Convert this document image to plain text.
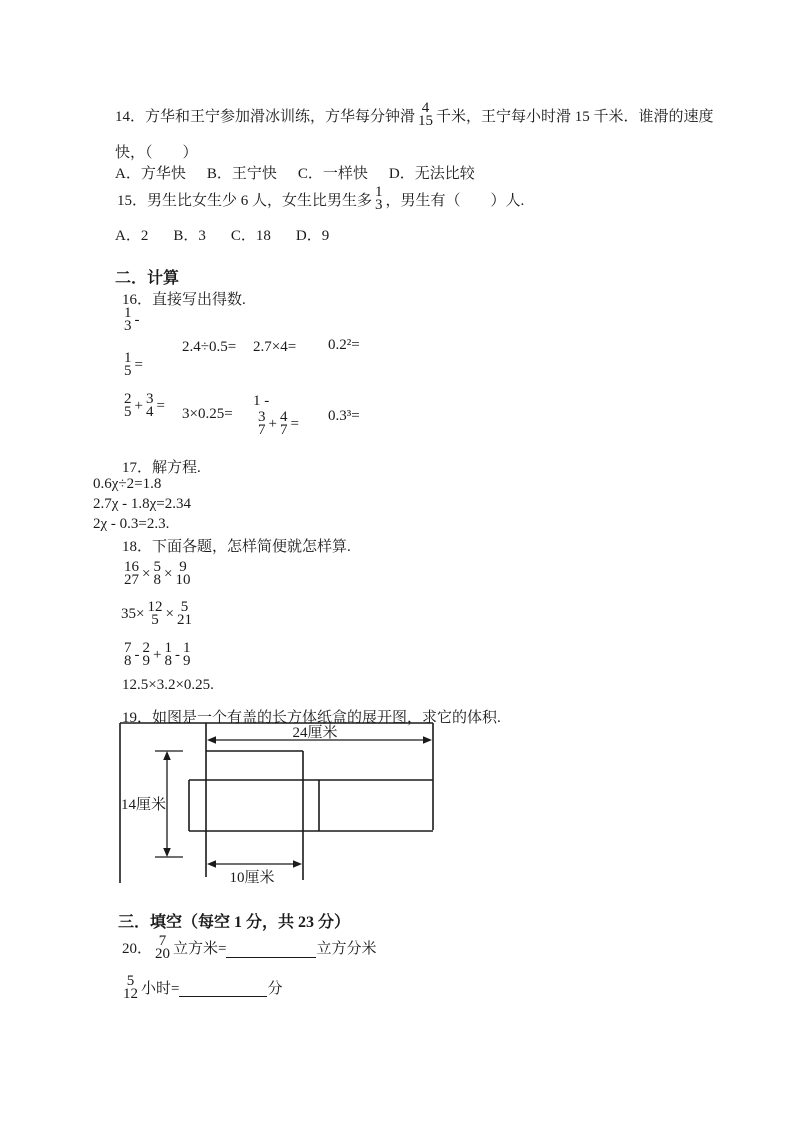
14．方华和王宁参加滑冰训练，方华每分钟滑
4
15 千米，王宁每小时滑 15 千米．谁滑的速度
快，（　　）
A．方华快 B．王宁快 C．一样快 D．无法比较
15．男生比女生少 6 人，女生比男生多
1
3 ，男生有（　　）人.
A．2 B．3 C．18 D．9
二．计算
16．直接写出得数.
1
3 -
1
5 =
2.4÷0.5= 2.7×4= 0.2²=
2
5 + 3
4 =
3×0.25=
1 -
3
7 + 4
7 = 0.3³=
17．解方程.
0.6χ÷2=1.8
2.7χ - 1.8χ=2.34
2χ - 0.3=2.3.
18．下面各题，怎样简便就怎样算.
16
27 × 5
8 × 9
10
35× 12
5 × 5
21
7
8 - 2
9 + 1
8 - 1
9
12.5×3.2×0.25.
19．如图是一个有盖的长方体纸盒的展开图，求它的体积.
24厘米
14厘米
10厘米
三．填空（每空 1 分，共 23 分）
20．
7
20 立方米=	立方分米
5
12 小时=	分
